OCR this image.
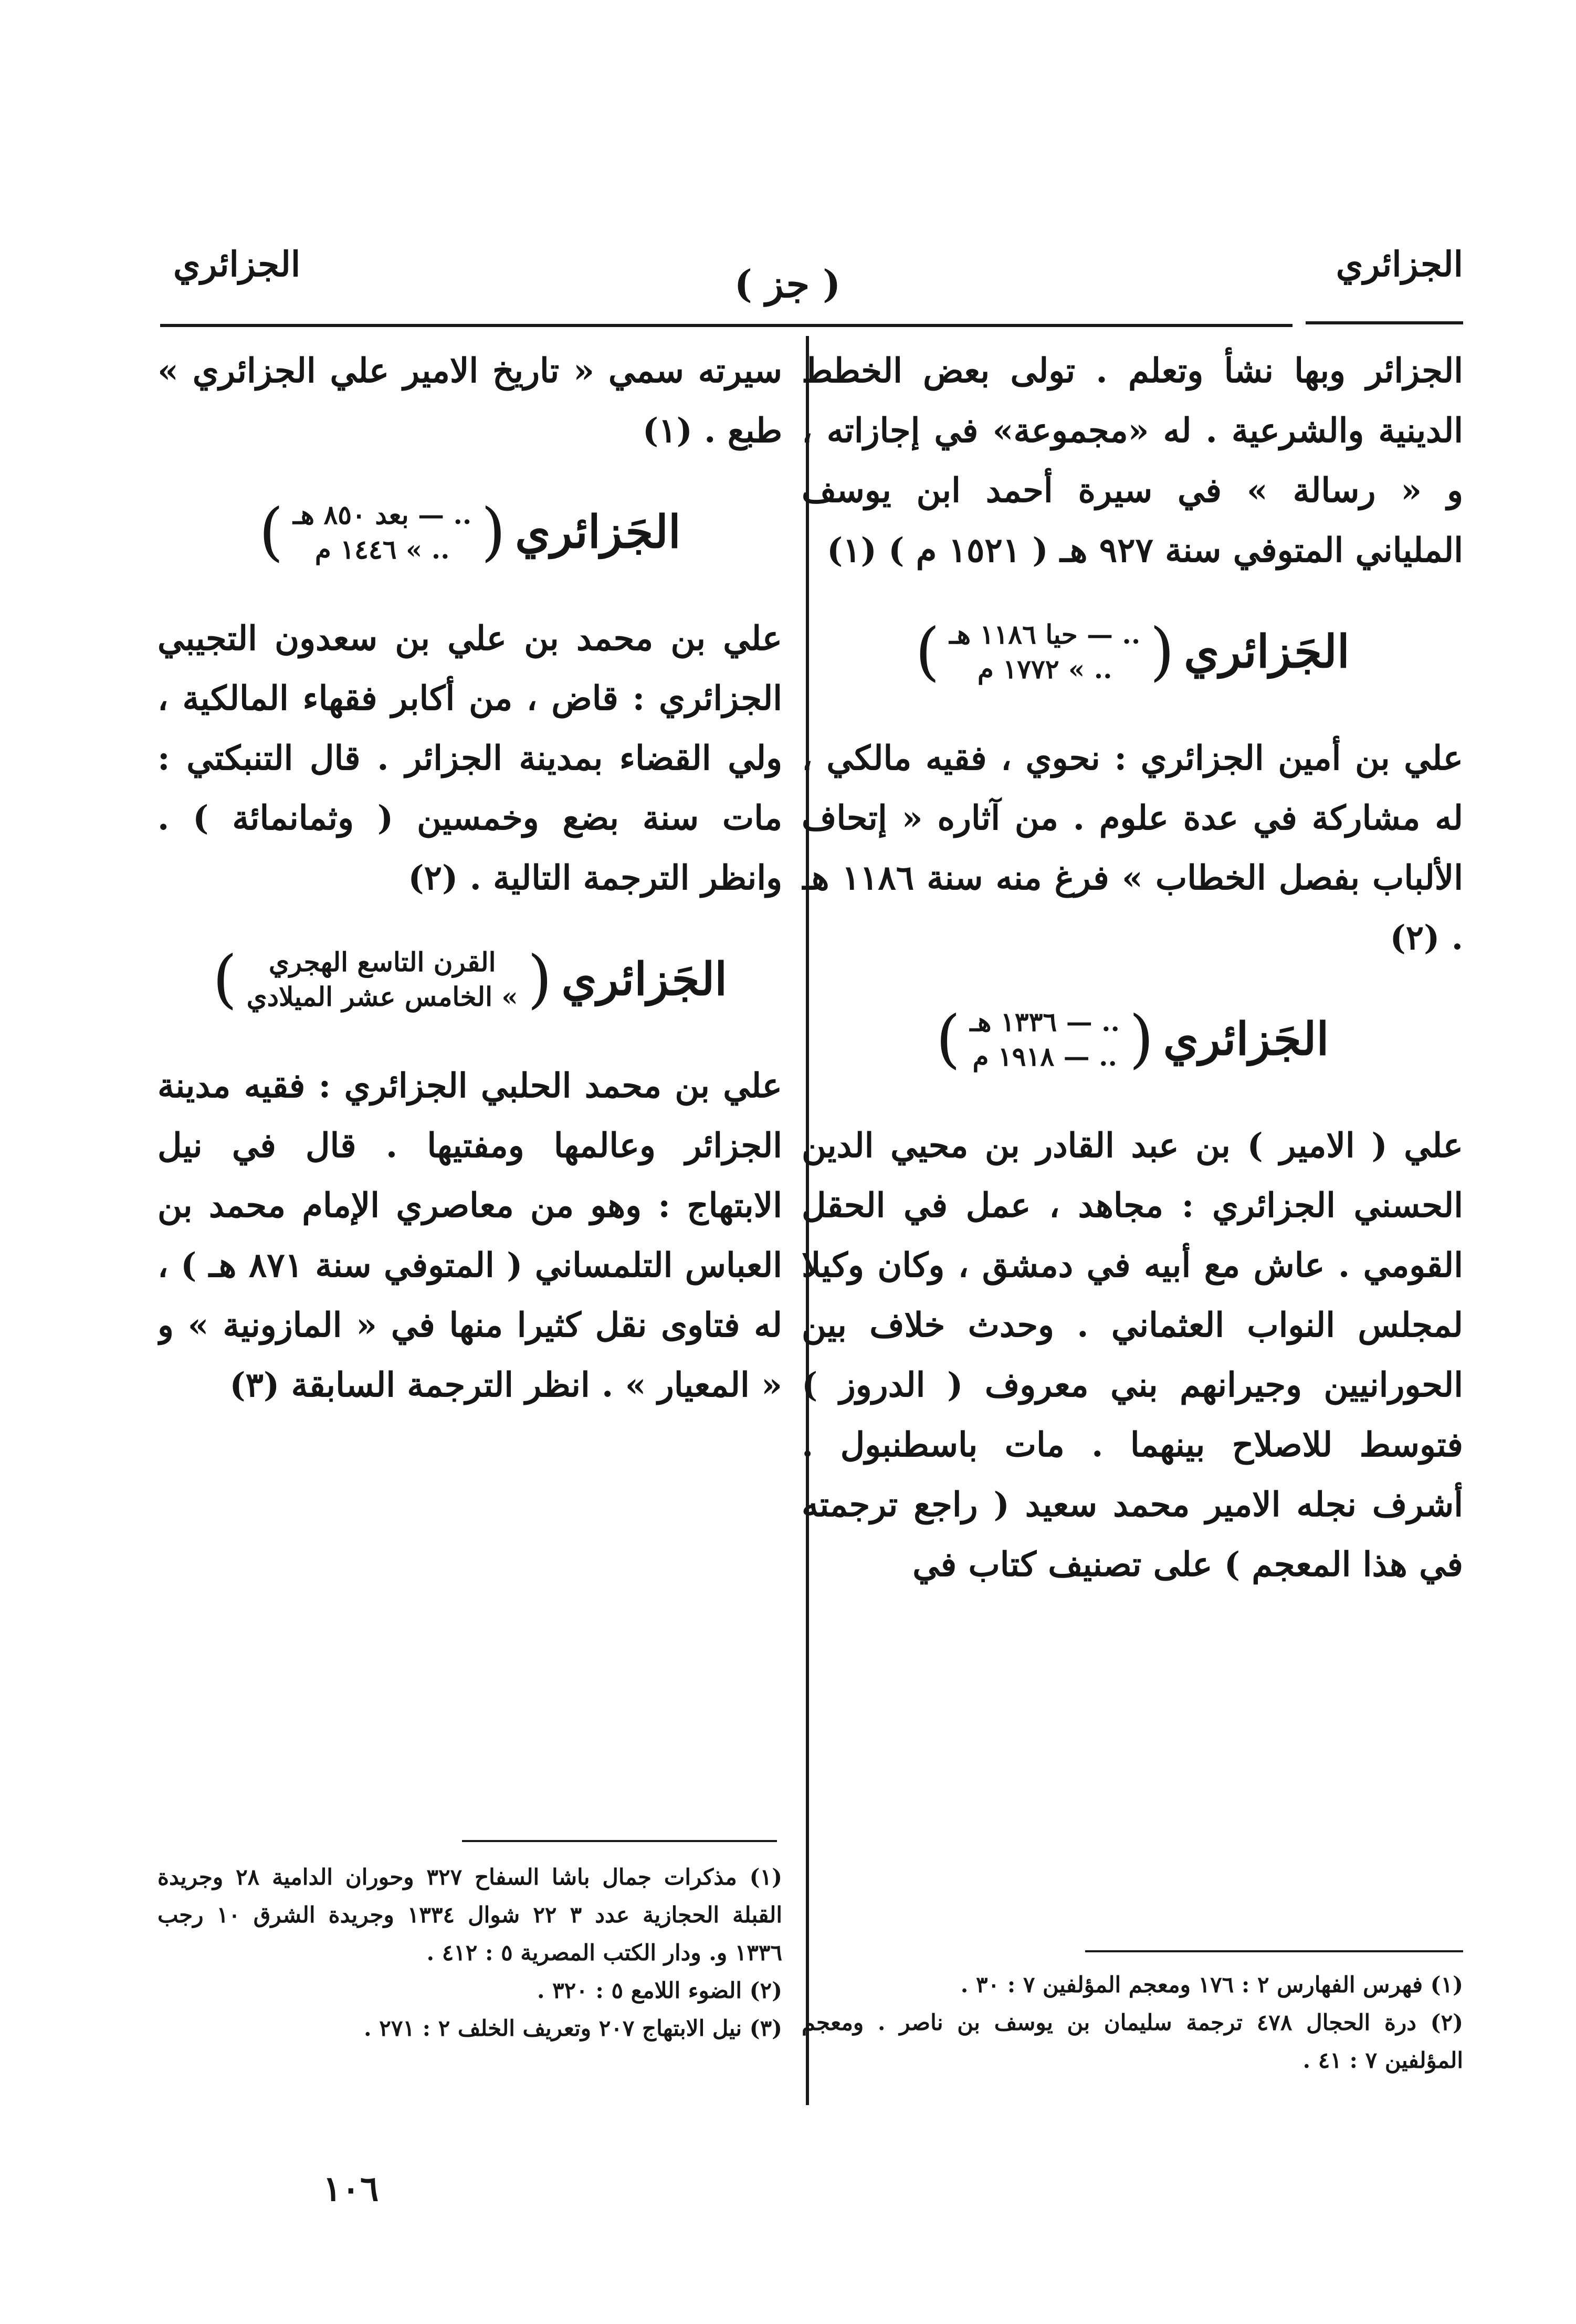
الجزائري
( جز )
الجزائري

الجزائر وبها نشأ وتعلم . تولى بعض الخطط الدينية والشرعية . له «مجموعة» في إجازاته ، و « رسالة » في سيرة أحمد ابن يوسف الملياني المتوفي سنة ٩٢٧ هـ ( ١٥٢١ م ) (١)

الجَزائري
(
.. — حيا ١١٨٦ هـ
.. » ١٧٧٢ م
)

علي بن أمين الجزائري : نحوي ، فقيه مالكي ، له مشاركة في عدة علوم . من آثاره « إتحاف الألباب بفصل الخطاب » فرغ منه سنة ١١٨٦ هـ . (٢)

الجَزائري
(
.. — ١٣٣٦ هـ
.. — ١٩١٨ م
)

علي ( الامير ) بن عبد القادر بن محيي الدين الحسني الجزائري : مجاهد ، عمل في الحقل القومي . عاش مع أبيه في دمشق ، وكان وكيلا لمجلس النواب العثماني . وحدث خلاف بين الحورانيين وجيرانهم بني معروف ( الدروز ) فتوسط للاصلاح بينهما . مات باسطنبول . أشرف نجله الامير محمد سعيد ( راجع ترجمته في هذا المعجم ) على تصنيف كتاب في

(١) فهرس الفهارس ٢ : ١٧٦ ومعجم المؤلفين ٧ : ٣٠ .

(٢) درة الحجال ٤٧٨ ترجمة سليمان بن يوسف بن ناصر . ومعجم المؤلفين ٧ : ٤١ .

سيرته سمي « تاريخ الامير علي الجزائري » طبع . (١)

الجَزائري
(
.. — بعد ٨٥٠ هـ
.. » ١٤٤٦ م
)

علي بن محمد بن علي بن سعدون التجيبي الجزائري : قاض ، من أكابر فقهاء المالكية ، ولي القضاء بمدينة الجزائر . قال التنبكتي : مات سنة بضع وخمسين ( وثمانمائة ) . وانظر الترجمة التالية . (٢)

الجَزائري
(
القرن التاسع الهجري
» الخامس عشر الميلادي
)

علي بن محمد الحلبي الجزائري : فقيه مدينة الجزائر وعالمها ومفتيها . قال في نيل الابتهاج : وهو من معاصري الإمام محمد بن العباس التلمساني ( المتوفي سنة ٨٧١ هـ ) ، له فتاوى نقل كثيرا منها في « المازونية » و « المعيار » . انظر الترجمة السابقة (٣)

(١) مذكرات جمال باشا السفاح ٣٢٧ وحوران الدامية ٢٨ وجريدة القبلة الحجازية عدد ٣ ٢٢ شوال ١٣٣٤ وجريدة الشرق ١٠ رجب ١٣٣٦ و. ودار الكتب المصرية ٥ : ٤١٢ .

(٢) الضوء اللامع ٥ : ٣٢٠ .

(٣) نيل الابتهاج ٢٠٧ وتعريف الخلف ٢ : ٢٧١ .

١٠٦
